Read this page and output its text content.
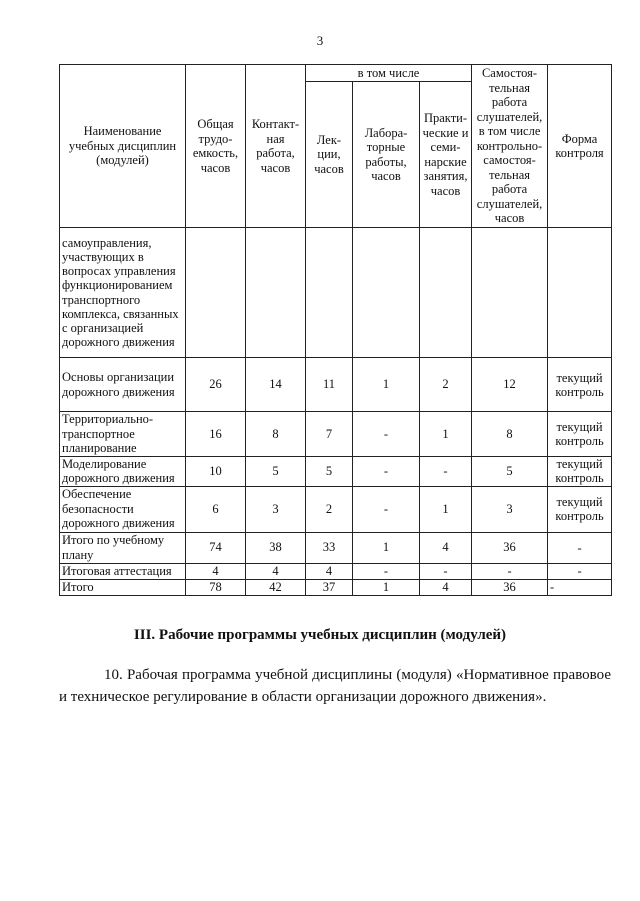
3
Наименование учебных дисциплин (модулей)	Общая трудо-емкость, часов	Контакт-ная работа, часов	в том числе			Самостоя-тельная работа слушателей, в том числе контрольно-самостоя-тельная работа слушателей, часов	Форма контроля
			Лек-ции, часов	Лабора-торные работы, часов	Практи-ческие и семи-нарские занятия, часов		
самоуправления, участвующих в вопросах управления функционированием транспортного комплекса, связанных с организацией дорожного движения							
Основы организации дорожного движения	26	14	11	1	2	12	текущий контроль
Территориально-транспортное планирование	16	8	7	-	1	8	текущий контроль
Моделирование дорожного движения	10	5	5	-	-	5	текущий контроль
Обеспечение безопасности дорожного движения	6	3	2	-	1	3	текущий контроль
Итого по учебному плану	74	38	33	1	4	36	-
Итоговая аттестация	4	4	4	-	-	-	-
Итого	78	42	37	1	4	36	-
III. Рабочие программы учебных дисциплин (модулей)
10. Рабочая программа учебной дисциплины (модуля) «Нормативное правовое и техническое регулирование в области организации дорожного движения».
